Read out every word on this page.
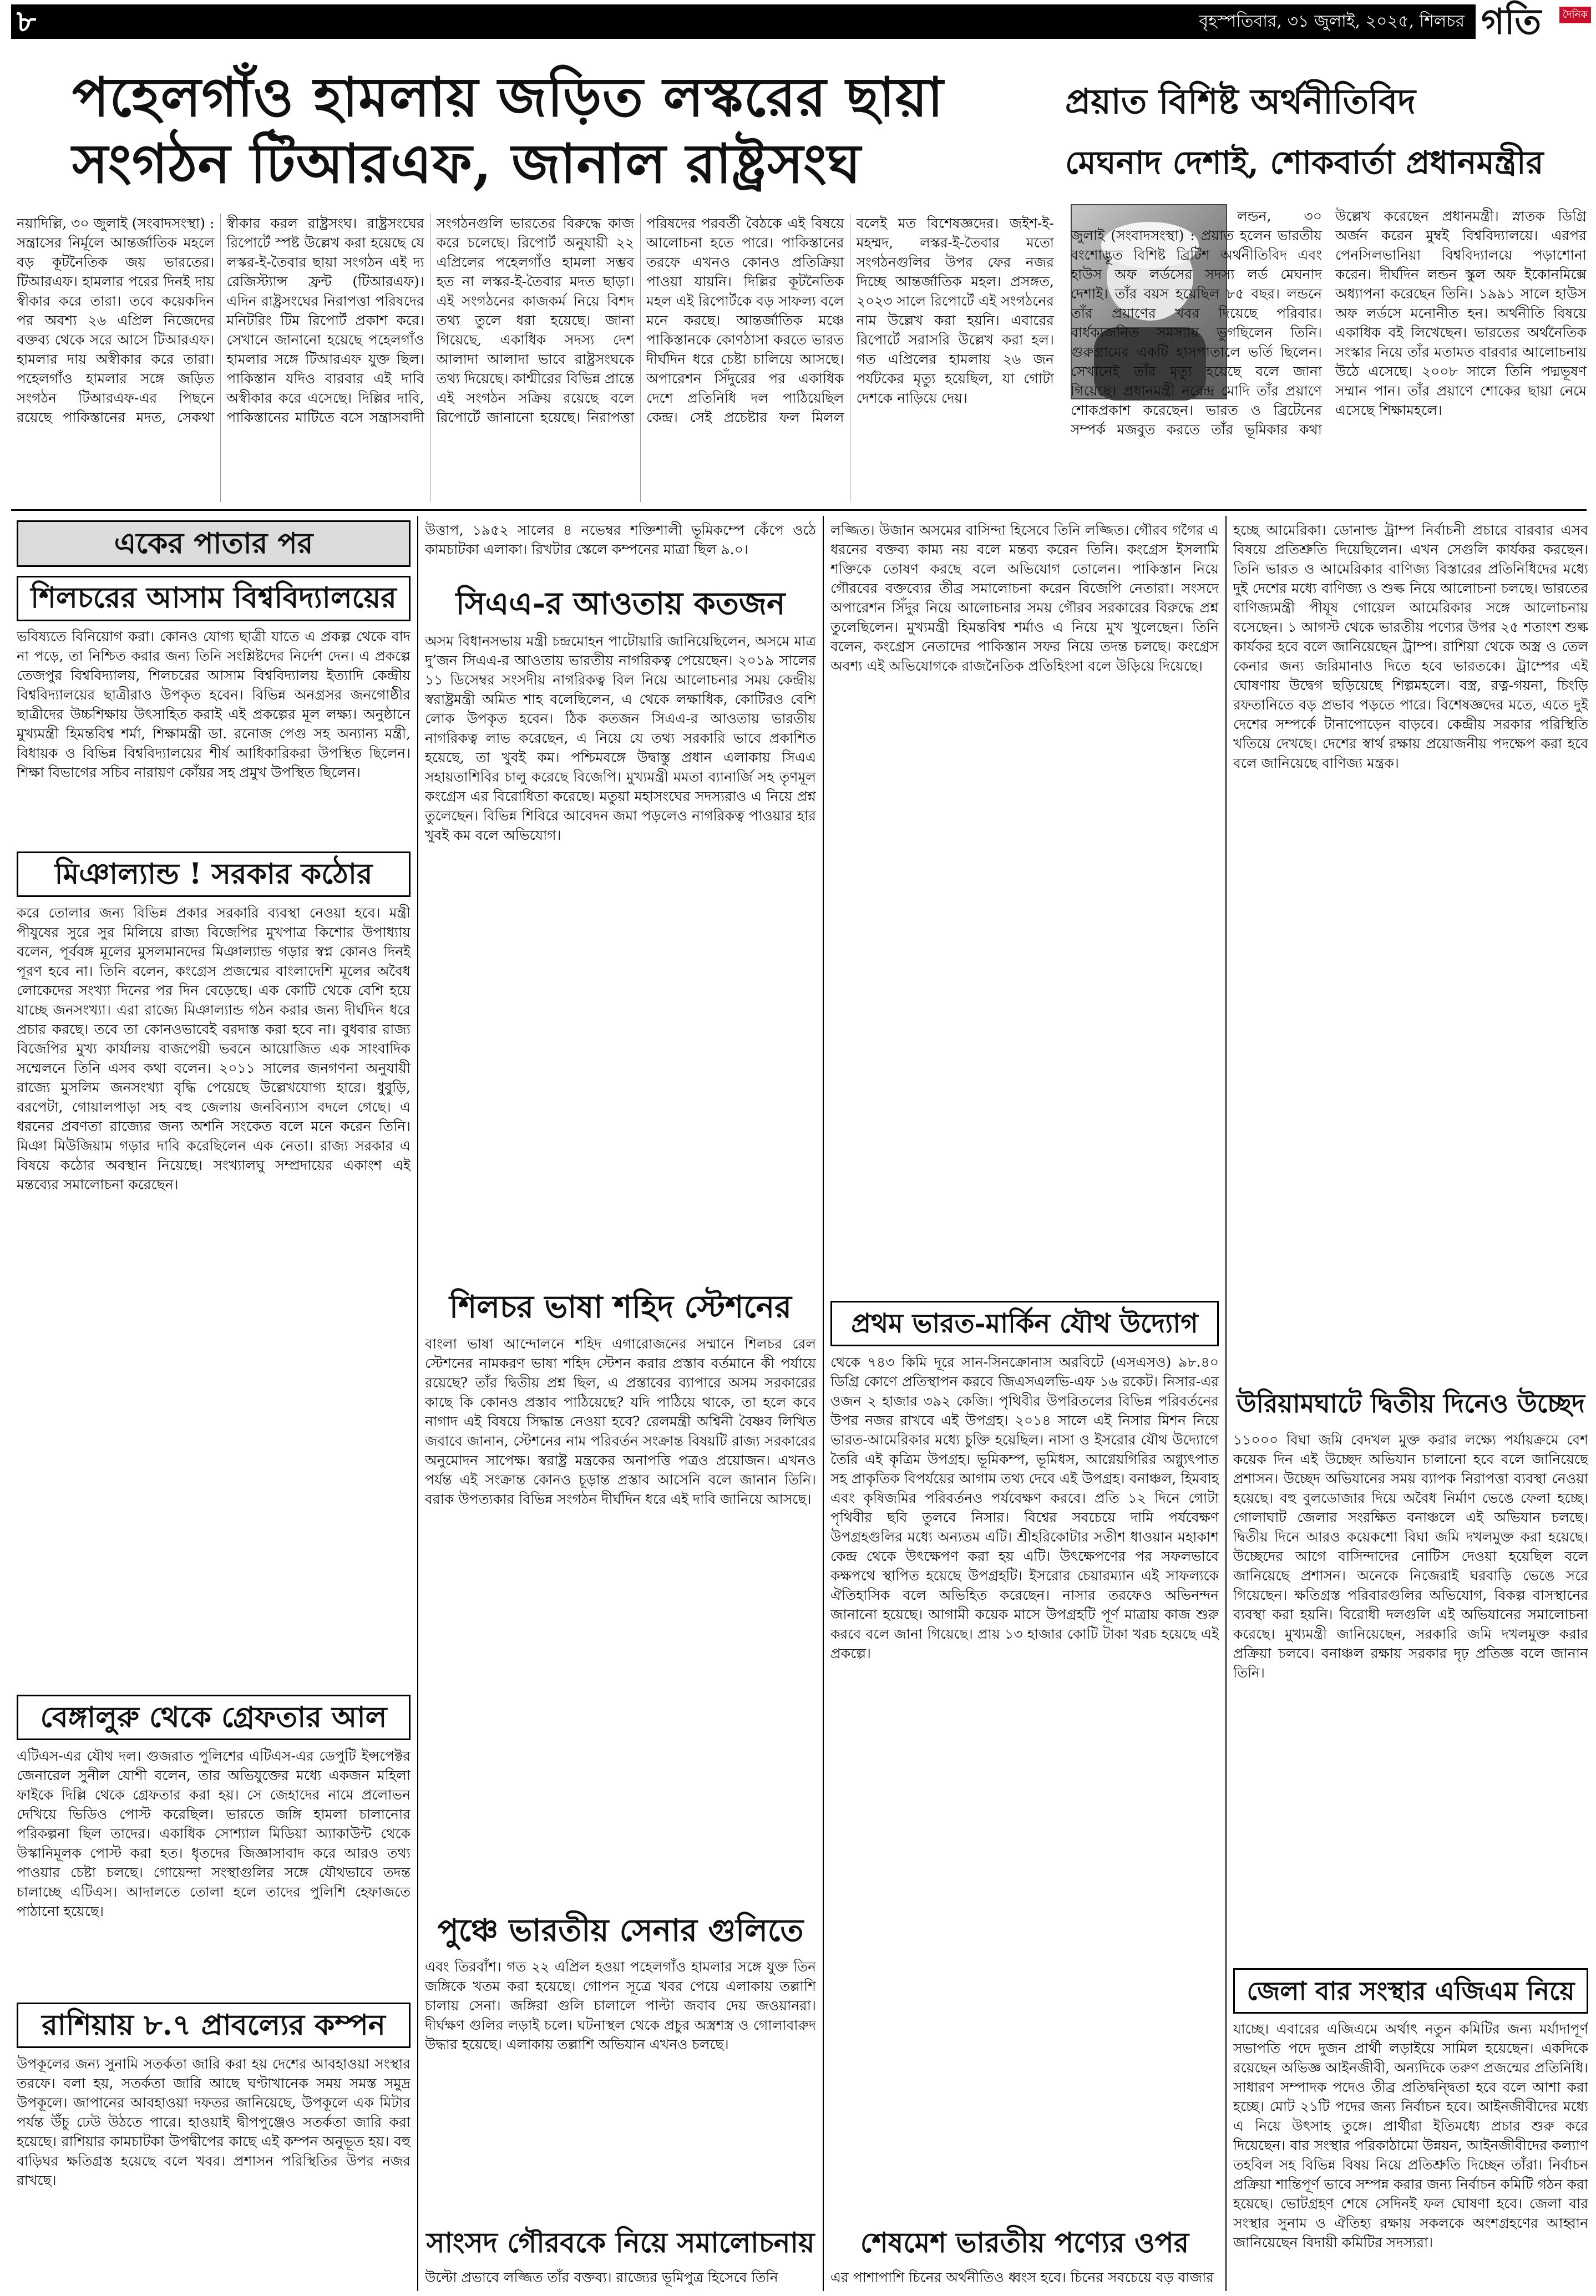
৮	বৃহস্পতিবার, ৩১ জুলাই, ২০২৫, শিলচর গতি	দৈনিক
পহেলগাঁও হামলায় জড়িত লস্করের ছায়া
সংগঠন টিআরএফ, জানাল রাষ্ট্রসংঘ
প্রয়াত বিশিষ্ট অর্থনীতিবিদ
মেঘনাদ দেশাই, শোকবার্তা প্রধানমন্ত্রীর
নয়াদিল্লি, ৩০ জুলাই (সংবাদসংস্থা) : সন্ত্রাসের নির্মূলে আন্তর্জাতিক মহলে বড় কূটনৈতিক জয় ভারতের। টিআরএফ। হামলার পরের দিনই দায় স্বীকার করে তারা। তবে কয়েকদিন পর অবশ্য ২৬ এপ্রিল নিজেদের বক্তব্য থেকে সরে আসে টিআরএফ। হামলার দায় অস্বীকার করে তারা। পহেলগাঁও হামলার সঙ্গে জড়িত সংগঠন টিআরএফ-এর পিছনে রয়েছে পাকিস্তানের মদত, সেকথা স্বীকার করল রাষ্ট্রসংঘ। রাষ্ট্রসংঘের রিপোর্টে স্পষ্ট উল্লেখ করা হয়েছে যে লস্কর-ই-তৈবার ছায়া সংগঠন এই দ্য রেজিস্ট্যান্স ফ্রন্ট (টিআরএফ)। এদিন রাষ্ট্রসংঘের নিরাপত্তা পরিষদের মনিটরিং টিম রিপোর্ট প্রকাশ করে। সেখানে জানানো হয়েছে পহেলগাঁও হামলার সঙ্গে টিআরএফ যুক্ত ছিল। পাকিস্তান যদিও বারবার এই দাবি অস্বীকার করে এসেছে। দিল্লির দাবি, পাকিস্তানের মাটিতে বসে সন্ত্রাসবাদী সংগঠনগুলি ভারতের বিরুদ্ধে কাজ করে চলেছে। রিপোর্ট অনুযায়ী ২২ এপ্রিলের পহেলগাঁও হামলা সম্ভব হত না লস্কর-ই-তৈবার মদত ছাড়া। এই সংগঠনের কাজকর্ম নিয়ে বিশদ তথ্য তুলে ধরা হয়েছে। জানা গিয়েছে, একাধিক সদস্য দেশ আলাদা আলাদা ভাবে রাষ্ট্রসংঘকে তথ্য দিয়েছে। কাশ্মীরের বিভিন্ন প্রান্তে এই সংগঠন সক্রিয় রয়েছে বলে রিপোর্টে জানানো হয়েছে। নিরাপত্তা পরিষদের পরবর্তী বৈঠকে এই বিষয়ে আলোচনা হতে পারে। পাকিস্তানের তরফে এখনও কোনও প্রতিক্রিয়া পাওয়া যায়নি। দিল্লির কূটনৈতিক মহল এই রিপোর্টকে বড় সাফল্য বলে মনে করছে। আন্তর্জাতিক মঞ্চে পাকিস্তানকে কোণঠাসা করতে ভারত দীর্ঘদিন ধরে চেষ্টা চালিয়ে আসছে। অপারেশন সিঁদুরের পর একাধিক দেশে প্রতিনিধি দল পাঠিয়েছিল কেন্দ্র। সেই প্রচেষ্টার ফল মিলল বলেই মত বিশেষজ্ঞদের। জইশ-ই-মহম্মদ, লস্কর-ই-তৈবার মতো সংগঠনগুলির উপর ফের নজর দিচ্ছে আন্তর্জাতিক মহল। প্রসঙ্গত, ২০২৩ সালে রিপোর্টে এই সংগঠনের নাম উল্লেখ করা হয়নি। এবারের রিপোর্টে সরাসরি উল্লেখ করা হল। গত এপ্রিলের হামলায় ২৬ জন পর্যটকের মৃত্যু হয়েছিল, যা গোটা দেশকে নাড়িয়ে দেয়।
লন্ডন, ৩০ জুলাই (সংবাদসংস্থা) : প্রয়াত হলেন ভারতীয় বংশোদ্ভূত বিশিষ্ট ব্রিটিশ অর্থনীতিবিদ এবং হাউস অফ লর্ডসের সদস্য লর্ড মেঘনাদ দেশাই। তাঁর বয়স হয়েছিল ৮৫ বছর। লন্ডনে তাঁর প্রয়াণের খবর দিয়েছে পরিবার। বার্ধক্যজনিত সমস্যায় ভুগছিলেন তিনি। গুরুগ্রামের একটি হাসপাতালে ভর্তি ছিলেন। সেখানেই তাঁর মৃত্যু হয়েছে বলে জানা গিয়েছে। প্রধানমন্ত্রী নরেন্দ্র মোদি তাঁর প্রয়াণে শোকপ্রকাশ করেছেন। ভারত ও ব্রিটেনের সম্পর্ক মজবুত করতে তাঁর ভূমিকার কথা উল্লেখ করেছেন প্রধানমন্ত্রী। স্নাতক ডিগ্রি অর্জন করেন মুম্বই বিশ্ববিদ্যালয়ে। এরপর পেনসিলভানিয়া বিশ্ববিদ্যালয়ে পড়াশোনা করেন। দীর্ঘদিন লন্ডন স্কুল অফ ইকোনমিক্সে অধ্যাপনা করেছেন তিনি। ১৯৯১ সালে হাউস অফ লর্ডসে মনোনীত হন। অর্থনীতি বিষয়ে একাধিক বই লিখেছেন। ভারতের অর্থনৈতিক সংস্কার নিয়ে তাঁর মতামত বারবার আলোচনায় উঠে এসেছে। ২০০৮ সালে তিনি পদ্মভূষণ সম্মান পান। তাঁর প্রয়াণে শোকের ছায়া নেমে এসেছে শিক্ষামহলে।
একের পাতার পর
শিলচরের আসাম বিশ্ববিদ্যালয়ের
ভবিষ্যতে বিনিয়োগ করা। কোনও যোগ্য ছাত্রী যাতে এ প্রকল্প থেকে বাদ না পড়ে, তা নিশ্চিত করার জন্য তিনি সংশ্লিষ্টদের নির্দেশ দেন। এ প্রকল্পে তেজপুর বিশ্ববিদ্যালয়, শিলচরের আসাম বিশ্ববিদ্যালয় ইত্যাদি কেন্দ্রীয় বিশ্ববিদ্যালয়ের ছাত্রীরাও উপকৃত হবেন। বিভিন্ন অনগ্রসর জনগোষ্ঠীর ছাত্রীদের উচ্চশিক্ষায় উৎসাহিত করাই এই প্রকল্পের মূল লক্ষ্য। অনুষ্ঠানে মুখ্যমন্ত্রী হিমন্তবিশ্ব শর্মা, শিক্ষামন্ত্রী ডা. রনোজ পেগু সহ অন্যান্য মন্ত্রী, বিধায়ক ও বিভিন্ন বিশ্ববিদ্যালয়ের শীর্ষ আধিকারিকরা উপস্থিত ছিলেন। শিক্ষা বিভাগের সচিব নারায়ণ কোঁয়র সহ প্রমুখ উপস্থিত ছিলেন।
মিঞাল্যান্ড ! সরকার কঠোর
করে তোলার জন্য বিভিন্ন প্রকার সরকারি ব্যবস্থা নেওয়া হবে। মন্ত্রী পীযুষের সুরে সুর মিলিয়ে রাজ্য বিজেপির মুখপাত্র কিশোর উপাধ্যায় বলেন, পূর্ববঙ্গ মূলের মুসলমানদের মিঞাল্যান্ড গড়ার স্বপ্ন কোনও দিনই পূরণ হবে না। তিনি বলেন, কংগ্রেস প্রজন্মের বাংলাদেশি মূলের অবৈধ লোকেদের সংখ্যা দিনের পর দিন বেড়েছে। এক কোটি থেকে বেশি হয়ে যাচ্ছে জনসংখ্যা। এরা রাজ্যে মিঞাল্যান্ড গঠন করার জন্য দীর্ঘদিন ধরে প্রচার করছে। তবে তা কোনওভাবেই বরদাস্ত করা হবে না। বুধবার রাজ্য বিজেপির মুখ্য কার্যালয় বাজপেয়ী ভবনে আয়োজিত এক সাংবাদিক সম্মেলনে তিনি এসব কথা বলেন। ২০১১ সালের জনগণনা অনুযায়ী রাজ্যে মুসলিম জনসংখ্যা বৃদ্ধি পেয়েছে উল্লেখযোগ্য হারে। ধুবুড়ি, বরপেটা, গোয়ালপাড়া সহ বহু জেলায় জনবিন্যাস বদলে গেছে। এ ধরনের প্রবণতা রাজ্যের জন্য অশনি সংকেত বলে মনে করেন তিনি। মিঞা মিউজিয়াম গড়ার দাবি করেছিলেন এক নেতা। রাজ্য সরকার এ বিষয়ে কঠোর অবস্থান নিয়েছে। সংখ্যালঘু সম্প্রদায়ের একাংশ এই মন্তব্যের সমালোচনা করেছেন।
বেঙ্গালুরু থেকে গ্রেফতার আল
এটিএস-এর যৌথ দল। গুজরাত পুলিশের এটিএস-এর ডেপুটি ইন্সপেক্টর জেনারেল সুনীল যোশী বলেন, তার অভিযুক্তের মধ্যে একজন মহিলা ফাইকে দিল্লি থেকে গ্রেফতার করা হয়। সে জেহাদের নামে প্রলোভন দেখিয়ে ভিডিও পোস্ট করেছিল। ভারতে জঙ্গি হামলা চালানোর পরিকল্পনা ছিল তাদের। একাধিক সোশ্যাল মিডিয়া অ্যাকাউন্ট থেকে উস্কানিমূলক পোস্ট করা হত। ধৃতদের জিজ্ঞাসাবাদ করে আরও তথ্য পাওয়ার চেষ্টা চলছে। গোয়েন্দা সংস্থাগুলির সঙ্গে যৌথভাবে তদন্ত চালাচ্ছে এটিএস। আদালতে তোলা হলে তাদের পুলিশি হেফাজতে পাঠানো হয়েছে।
রাশিয়ায় ৮.৭ প্রাবল্যের কম্পন
উপকূলের জন্য সুনামি সতর্কতা জারি করা হয় দেশের আবহাওয়া সংস্থার তরফে। বলা হয়, সতর্কতা জারি আছে ঘণ্টাখানেক সময় সমস্ত সমুদ্র উপকূলে। জাপানের আবহাওয়া দফতর জানিয়েছে, উপকূলে এক মিটার পর্যন্ত উঁচু ঢেউ উঠতে পারে। হাওয়াই দ্বীপপুঞ্জেও সতর্কতা জারি করা হয়েছে। রাশিয়ার কামচাটকা উপদ্বীপের কাছে এই কম্পন অনুভূত হয়। বহু বাড়িঘর ক্ষতিগ্রস্ত হয়েছে বলে খবর। প্রশাসন পরিস্থিতির উপর নজর রাখছে।
উত্তাপ, ১৯৫২ সালের ৪ নভেম্বর শক্তিশালী ভূমিকম্পে কেঁপে ওঠে কামচাটকা এলাকা। রিখটার স্কেলে কম্পনের মাত্রা ছিল ৯.০।
সিএএ-র আওতায় কতজন
অসম বিধানসভায় মন্ত্রী চন্দ্রমোহন পাটোয়ারি জানিয়েছিলেন, অসমে মাত্র দু’জন সিএএ-র আওতায় ভারতীয় নাগরিকত্ব পেয়েছেন। ২০১৯ সালের ১১ ডিসেম্বর সংসদীয় নাগরিকত্ব বিল নিয়ে আলোচনার সময় কেন্দ্রীয় স্বরাষ্ট্রমন্ত্রী অমিত শাহ বলেছিলেন, এ থেকে লক্ষাধিক, কোটিরও বেশি লোক উপকৃত হবেন। ঠিক কতজন সিএএ-র আওতায় ভারতীয় নাগরিকত্ব লাভ করেছেন, এ নিয়ে যে তথ্য সরকারি ভাবে প্রকাশিত হয়েছে, তা খুবই কম। পশ্চিমবঙ্গে উদ্বাস্তু প্রধান এলাকায় সিএএ সহায়তাশিবির চালু করেছে বিজেপি। মুখ্যমন্ত্রী মমতা ব্যানার্জি সহ তৃণমূল কংগ্রেস এর বিরোধিতা করেছে। মতুয়া মহাসংঘের সদস্যরাও এ নিয়ে প্রশ্ন তুলেছেন। বিভিন্ন শিবিরে আবেদন জমা পড়লেও নাগরিকত্ব পাওয়ার হার খুবই কম বলে অভিযোগ।
শিলচর ভাষা শহিদ স্টেশনের
বাংলা ভাষা আন্দোলনে শহিদ এগারোজনের সম্মানে শিলচর রেল স্টেশনের নামকরণ ভাষা শহিদ স্টেশন করার প্রস্তাব বর্তমানে কী পর্যায়ে রয়েছে? তাঁর দ্বিতীয় প্রশ্ন ছিল, এ প্রস্তাবের ব্যাপারে অসম সরকারের কাছে কি কোনও প্রস্তাব পাঠিয়েছে? যদি পাঠিয়ে থাকে, তা হলে কবে নাগাদ এই বিষয়ে সিদ্ধান্ত নেওয়া হবে? রেলমন্ত্রী অশ্বিনী বৈষ্ণব লিখিত জবাবে জানান, স্টেশনের নাম পরিবর্তন সংক্রান্ত বিষয়টি রাজ্য সরকারের অনুমোদন সাপেক্ষ। স্বরাষ্ট্র মন্ত্রকের অনাপত্তি পত্রও প্রয়োজন। এখনও পর্যন্ত এই সংক্রান্ত কোনও চূড়ান্ত প্রস্তাব আসেনি বলে জানান তিনি। বরাক উপত্যকার বিভিন্ন সংগঠন দীর্ঘদিন ধরে এই দাবি জানিয়ে আসছে।
পুঞ্চে ভারতীয় সেনার গুলিতে
এবং তিরবাঁশ। গত ২২ এপ্রিল হওয়া পহেলগাঁও হামলার সঙ্গে যুক্ত তিন জঙ্গিকে খতম করা হয়েছে। গোপন সূত্রে খবর পেয়ে এলাকায় তল্লাশি চালায় সেনা। জঙ্গিরা গুলি চালালে পাল্টা জবাব দেয় জওয়ানরা। দীর্ঘক্ষণ গুলির লড়াই চলে। ঘটনাস্থল থেকে প্রচুর অস্ত্রশস্ত্র ও গোলাবারুদ উদ্ধার হয়েছে। এলাকায় তল্লাশি অভিযান এখনও চলছে।
সাংসদ গৌরবকে নিয়ে সমালোচনায়
উল্টো প্রভাবে লজ্জিত তাঁর বক্তব্য। রাজ্যের ভূমিপুত্র হিসেবে তিনি
লজ্জিত। উজান অসমের বাসিন্দা হিসেবে তিনি লজ্জিত। গৌরব গগৈর এ ধরনের বক্তব্য কাম্য নয় বলে মন্তব্য করেন তিনি। কংগ্রেস ইসলামি শক্তিকে তোষণ করছে বলে অভিযোগ তোলেন। পাকিস্তান নিয়ে গৌরবের বক্তব্যের তীব্র সমালোচনা করেন বিজেপি নেতারা। সংসদে অপারেশন সিঁদুর নিয়ে আলোচনার সময় গৌরব সরকারের বিরুদ্ধে প্রশ্ন তুলেছিলেন। মুখ্যমন্ত্রী হিমন্তবিশ্ব শর্মাও এ নিয়ে মুখ খুলেছেন। তিনি বলেন, কংগ্রেস নেতাদের পাকিস্তান সফর নিয়ে তদন্ত চলছে। কংগ্রেস অবশ্য এই অভিযোগকে রাজনৈতিক প্রতিহিংসা বলে উড়িয়ে দিয়েছে।
প্রথম ভারত-মার্কিন যৌথ উদ্যোগ
থেকে ৭৪৩ কিমি দূরে সান-সিনক্রোনাস অরবিটে (এসএসও) ৯৮.৪০ ডিগ্রি কোণে প্রতিস্থাপন করবে জিএসএলভি-এফ ১৬ রকেট। নিসার-এর ওজন ২ হাজার ৩৯২ কেজি। পৃথিবীর উপরিতলের বিভিন্ন পরিবর্তনের উপর নজর রাখবে এই উপগ্রহ। ২০১৪ সালে এই নিসার মিশন নিয়ে ভারত-আমেরিকার মধ্যে চুক্তি হয়েছিল। নাসা ও ইসরোর যৌথ উদ্যোগে তৈরি এই কৃত্রিম উপগ্রহ। ভূমিকম্প, ভূমিধস, আগ্নেয়গিরির অগ্ন্যুৎপাত সহ প্রাকৃতিক বিপর্যয়ের আগাম তথ্য দেবে এই উপগ্রহ। বনাঞ্চল, হিমবাহ এবং কৃষিজমির পরিবর্তনও পর্যবেক্ষণ করবে। প্রতি ১২ দিনে গোটা পৃথিবীর ছবি তুলবে নিসার। বিশ্বের সবচেয়ে দামি পর্যবেক্ষণ উপগ্রহগুলির মধ্যে অন্যতম এটি। শ্রীহরিকোটার সতীশ ধাওয়ান মহাকাশ কেন্দ্র থেকে উৎক্ষেপণ করা হয় এটি। উৎক্ষেপণের পর সফলভাবে কক্ষপথে স্থাপিত হয়েছে উপগ্রহটি। ইসরোর চেয়ারম্যান এই সাফল্যকে ঐতিহাসিক বলে অভিহিত করেছেন। নাসার তরফেও অভিনন্দন জানানো হয়েছে। আগামী কয়েক মাসে উপগ্রহটি পূর্ণ মাত্রায় কাজ শুরু করবে বলে জানা গিয়েছে। প্রায় ১৩ হাজার কোটি টাকা খরচ হয়েছে এই প্রকল্পে।
শেষমেশ ভারতীয় পণ্যের ওপর
এর পাশাপাশি চিনের অর্থনীতিও ধ্বংস হবে। চিনের সবচেয়ে বড় বাজার
হচ্ছে আমেরিকা। ডোনাল্ড ট্রাম্প নির্বাচনী প্রচারে বারবার এসব বিষয়ে প্রতিশ্রুতি দিয়েছিলেন। এখন সেগুলি কার্যকর করছেন। তিনি ভারত ও আমেরিকার বাণিজ্য বিস্তারের প্রতিনিধিদের মধ্যে দুই দেশের মধ্যে বাণিজ্য ও শুল্ক নিয়ে আলোচনা চলছে। ভারতের বাণিজ্যমন্ত্রী পীযূষ গোয়েল আমেরিকার সঙ্গে আলোচনায় বসেছেন। ১ আগস্ট থেকে ভারতীয় পণ্যের উপর ২৫ শতাংশ শুল্ক কার্যকর হবে বলে জানিয়েছেন ট্রাম্প। রাশিয়া থেকে অস্ত্র ও তেল কেনার জন্য জরিমানাও দিতে হবে ভারতকে। ট্রাম্পের এই ঘোষণায় উদ্বেগ ছড়িয়েছে শিল্পমহলে। বস্ত্র, রত্ন-গয়না, চিংড়ি রফতানিতে বড় প্রভাব পড়তে পারে। বিশেষজ্ঞদের মতে, এতে দুই দেশের সম্পর্কে টানাপোড়েন বাড়বে। কেন্দ্রীয় সরকার পরিস্থিতি খতিয়ে দেখছে। দেশের স্বার্থ রক্ষায় প্রয়োজনীয় পদক্ষেপ করা হবে বলে জানিয়েছে বাণিজ্য মন্ত্রক।
উরিয়ামঘাটে দ্বিতীয় দিনেও উচ্ছেদ
১১০০০ বিঘা জমি বেদখল মুক্ত করার লক্ষ্যে পর্যায়ক্রমে বেশ কয়েক দিন এই উচ্ছেদ অভিযান চালানো হবে বলে জানিয়েছে প্রশাসন। উচ্ছেদ অভিযানের সময় ব্যাপক নিরাপত্তা ব্যবস্থা নেওয়া হয়েছে। বহু বুলডোজার দিয়ে অবৈধ নির্মাণ ভেঙে ফেলা হচ্ছে। গোলাঘাট জেলার সংরক্ষিত বনাঞ্চলে এই অভিযান চলছে। দ্বিতীয় দিনে আরও কয়েকশো বিঘা জমি দখলমুক্ত করা হয়েছে। উচ্ছেদের আগে বাসিন্দাদের নোটিস দেওয়া হয়েছিল বলে জানিয়েছে প্রশাসন। অনেকে নিজেরাই ঘরবাড়ি ভেঙে সরে গিয়েছেন। ক্ষতিগ্রস্ত পরিবারগুলির অভিযোগ, বিকল্প বাসস্থানের ব্যবস্থা করা হয়নি। বিরোধী দলগুলি এই অভিযানের সমালোচনা করেছে। মুখ্যমন্ত্রী জানিয়েছেন, সরকারি জমি দখলমুক্ত করার প্রক্রিয়া চলবে। বনাঞ্চল রক্ষায় সরকার দৃঢ় প্রতিজ্ঞ বলে জানান তিনি।
জেলা বার সংস্থার এজিএম নিয়ে
যাচ্ছে। এবারের এজিএমে অর্থাৎ নতুন কমিটির জন্য মর্যাদাপূর্ণ সভাপতি পদে দুজন প্রার্থী লড়াইয়ে সামিল হয়েছেন। একদিকে রয়েছেন অভিজ্ঞ আইনজীবী, অন্যদিকে তরুণ প্রজন্মের প্রতিনিধি। সাধারণ সম্পাদক পদেও তীব্র প্রতিদ্বন্দ্বিতা হবে বলে আশা করা হচ্ছে। মোট ২১টি পদের জন্য নির্বাচন হবে। আইনজীবীদের মধ্যে এ নিয়ে উৎসাহ তুঙ্গে। প্রার্থীরা ইতিমধ্যে প্রচার শুরু করে দিয়েছেন। বার সংস্থার পরিকাঠামো উন্নয়ন, আইনজীবীদের কল্যাণ তহবিল সহ বিভিন্ন বিষয় নিয়ে প্রতিশ্রুতি দিচ্ছেন তাঁরা। নির্বাচন প্রক্রিয়া শান্তিপূর্ণ ভাবে সম্পন্ন করার জন্য নির্বাচন কমিটি গঠন করা হয়েছে। ভোটগ্রহণ শেষে সেদিনই ফল ঘোষণা হবে। জেলা বার সংস্থার সুনাম ও ঐতিহ্য রক্ষায় সকলকে অংশগ্রহণের আহ্বান জানিয়েছেন বিদায়ী কমিটির সদস্যরা।
